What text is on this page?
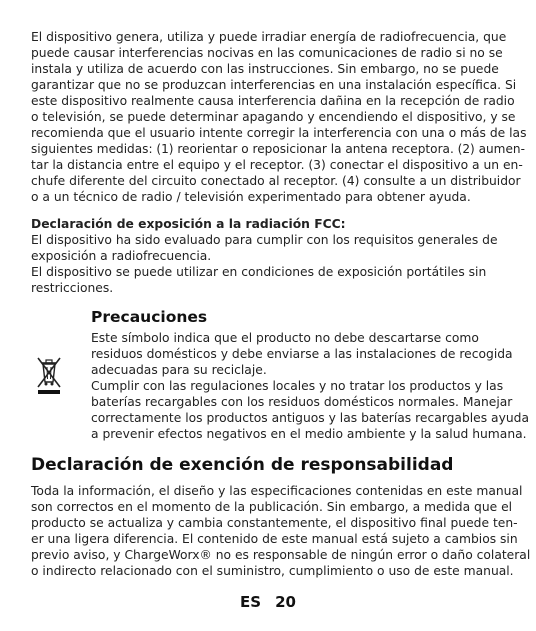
El dispositivo genera, utiliza y puede irradiar energía de radiofrecuencia, que
puede causar interferencias nocivas en las comunicaciones de radio si no se
instala y utiliza de acuerdo con las instrucciones. Sin embargo, no se puede
garantizar que no se produzcan interferencias en una instalación específica. Si
este dispositivo realmente causa interferencia dañina en la recepción de radio
o televisión, se puede determinar apagando y encendiendo el dispositivo, y se
recomienda que el usuario intente corregir la interferencia con una o más de las
siguientes medidas: (1) reorientar o reposicionar la antena receptora. (2) aumen-
tar la distancia entre el equipo y el receptor. (3) conectar el dispositivo a un en-
chufe diferente del circuito conectado al receptor. (4) consulte a un distribuidor
o a un técnico de radio / televisión experimentado para obtener ayuda.
Declaración de exposición a la radiación FCC:
El dispositivo ha sido evaluado para cumplir con los requisitos generales de
exposición a radiofrecuencia.
El dispositivo se puede utilizar en condiciones de exposición portátiles sin
restricciones.
Precauciones
Este símbolo indica que el producto no debe descartarse como
residuos domésticos y debe enviarse a las instalaciones de recogida
adecuadas para su reciclaje.
Cumplir con las regulaciones locales y no tratar los productos y las
baterías recargables con los residuos domésticos normales. Manejar
correctamente los productos antiguos y las baterías recargables ayuda
a prevenir efectos negativos en el medio ambiente y la salud humana.
Declaración de exención de responsabilidad
Toda la información, el diseño y las especificaciones contenidas en este manual
son correctos en el momento de la publicación. Sin embargo, a medida que el
producto se actualiza y cambia constantemente, el dispositivo final puede ten-
er una ligera diferencia. El contenido de este manual está sujeto a cambios sin
previo aviso, y ChargeWorx® no es responsable de ningún error o daño colateral
o indirecto relacionado con el suministro, cumplimiento o uso de este manual.
ES 20
